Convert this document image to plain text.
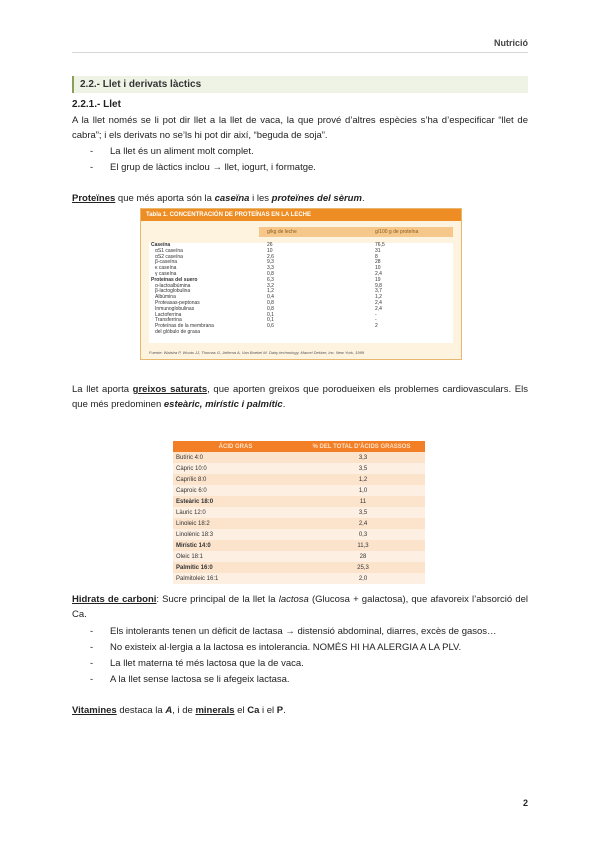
Nutrició
2.2.- Llet i derivats làctics
2.2.1.- Llet
A la llet només se li pot dir llet a la llet de vaca, la que prové d’altres espècies s’ha d’especificar “llet de cabra”; i els derivats no se’ls hi pot dir així, “beguda de soja”.
- La llet és un aliment molt complet.
- El grup de làctics inclou → llet, iogurt, i formatge.
Proteïnes que més aporta són la caseïna i les proteïnes del sèrum.
Tabla 1. CONCENTRACIÓN DE PROTEÍNAS EN LA LECHE
g/kg de leche	g/100 g de proteína
Caseína	26	76,5
αS1 caseína	10	31
αS2 caseína	2,6	8
β-caseína	9,3	28
κ caseína	3,3	10
γ caseína	0,8	2,4
Proteínas del suero	6,3	19
α-lactoalbúmina	3,2	9,8
β-lactoglobulina	1,2	3,7
Albúmina	0,4	1,2
Proteasas-peptonas	0,8	2,4
Inmunoglobulinas	0,8	2,4
Lactoferrina	0,1	-
Transferrina	0,1	-
Proteínas de la membrana	0,6	2
del glóbulo de grasa
Fuente: Walstra P, Wouts JJ, Thomas G, Jellema A, Van Boekel M. Dairy technology. Marcel Dekker, Inc. New York, 1999
La llet aporta greixos saturats, que aporten greixos que porodueixen els problemes cardiovasculars. Els que més predominen esteàric, mirístic i palmític.
ÁCID GRAS	% DEL TOTAL D’ÀCIDS GRASSOS
Butíric 4:0	3,3
Càpric 10:0	3,5
Caprílic 8:0	1,2
Caproic 6:0	1,0
Esteàric 18:0	11
Làuric 12:0	3,5
Linoleic 18:2	2,4
Linolènic 18:3	0,3
Mirístic 14:0	11,3
Oleic 18:1	28
Palmític 16:0	25,3
Palmitoleic 16:1	2,0
Hidrats de carboni: Sucre principal de la llet la lactosa (Glucosa + galactosa), que afavoreix l’absorció del Ca.
- Els intolerants tenen un dèficit de lactasa → distensió abdominal, diarres, excès de gasos…
- No existeix al·lergia a la lactosa es intolerancia. NOMÉS HI HA ALERGIA A LA PLV.
- La llet materna té més lactosa que la de vaca.
- A la llet sense lactosa se li afegeix lactasa.
Vitamines destaca la A, i de minerals el Ca i el P.
2
